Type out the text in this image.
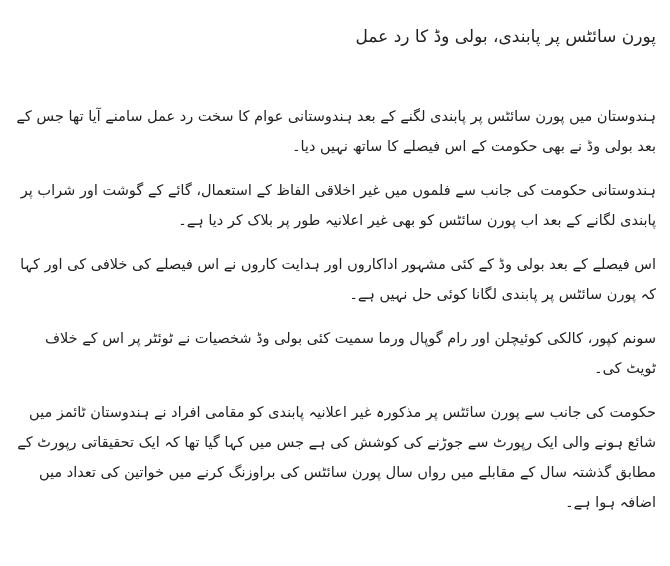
پورن سائٹس پر پابندی، بولی وڈ کا رد عمل

ہندوستان میں پورن سائٹس پر پابندی لگنے کے بعد ہندوستانی عوام کا سخت رد عمل سامنے آیا تھا جس کے بعد بولی وڈ نے بھی حکومت کے اس فیصلے کا ساتھ نہیں دیا۔

ہندوستانی حکومت کی جانب سے فلموں میں غیر اخلاقی الفاظ کے استعمال، گائے کے گوشت اور شراب پر پابندی لگانے کے بعد اب پورن سائٹس کو بھی غیر اعلانیہ طور پر بلاک کر دیا ہے۔

اس فیصلے کے بعد بولی وڈ کے کئی مشہور اداکاروں اور ہدایت کاروں نے اس فیصلے کی خلافی کی اور کہا کہ پورن سائٹس پر پابندی لگانا کوئی حل نہیں ہے۔

سونم کپور، کالکی کوئیچلن اور رام گوپال ورما سمیت کئی بولی وڈ شخصیات نے ٹوئٹر پر اس کے خلاف ٹویٹ کی۔

حکومت کی جانب سے پورن سائٹس پر مذکورہ غیر اعلانیہ پابندی کو مقامی افراد نے ہندوستان ٹائمز میں شائع ہونے والی ایک رپورٹ سے جوڑنے کی کوشش کی ہے جس میں کہا گیا تھا کہ ایک تحقیقاتی رپورٹ کے مطابق گذشتہ سال کے مقابلے میں رواں سال پورن سائٹس کی براوزنگ کرنے میں خواتین کی تعداد میں اضافہ ہوا ہے۔
